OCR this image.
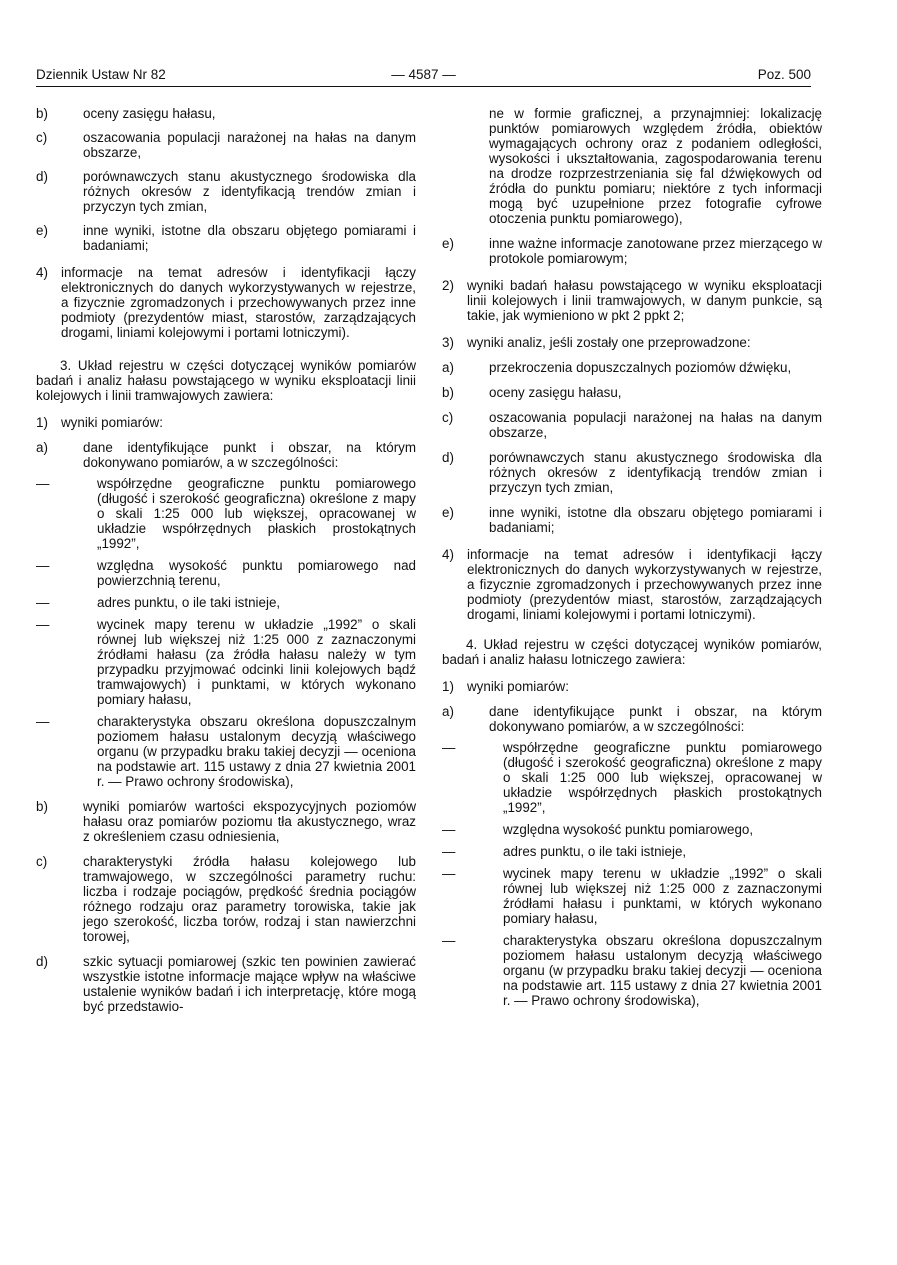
Dziennik Ustaw Nr 82	— 4587 —	Poz. 500

b)	oceny zasięgu hałasu,

c)	oszacowania populacji narażonej na hałas na danym obszarze,

d)	porównawczych stanu akustycznego środowiska dla różnych okresów z identyfikacją trendów zmian i przyczyn tych zmian,

e)	inne wyniki, istotne dla obszaru objętego pomiarami i badaniami;

4) informacje na temat adresów i identyfikacji łączy elektronicznych do danych wykorzystywanych w rejestrze, a fizycznie zgromadzonych i przechowywanych przez inne podmioty (prezydentów miast, starostów, zarządzających drogami, liniami kolejowymi i portami lotniczymi).

3. Układ rejestru w części dotyczącej wyników pomiarów badań i analiz hałasu powstającego w wyniku eksploatacji linii kolejowych i linii tramwajowych zawiera:

1) wyniki pomiarów:

a)	dane identyfikujące punkt i obszar, na którym dokonywano pomiarów, a w szczególności:

—	współrzędne geograficzne punktu pomiarowego (długość i szerokość geograficzna) określone z mapy o skali 1:25 000 lub większej, opracowanej w układzie współrzędnych płaskich prostokątnych „1992”,

—	względna wysokość punktu pomiarowego nad powierzchnią terenu,

—	adres punktu, o ile taki istnieje,

—	wycinek mapy terenu w układzie „1992” o skali równej lub większej niż 1:25 000 z zaznaczonymi źródłami hałasu (za źródła hałasu należy w tym przypadku przyjmować odcinki linii kolejowych bądź tramwajowych) i punktami, w których wykonano pomiary hałasu,

—	charakterystyka obszaru określona dopuszczalnym poziomem hałasu ustalonym decyzją właściwego organu (w przypadku braku takiej decyzji — oceniona na podstawie art. 115 ustawy z dnia 27 kwietnia 2001 r. — Prawo ochrony środowiska),

b)	wyniki pomiarów wartości ekspozycyjnych poziomów hałasu oraz pomiarów poziomu tła akustycznego, wraz z określeniem czasu odniesienia,

c)	charakterystyki źródła hałasu kolejowego lub tramwajowego, w szczególności parametry ruchu: liczba i rodzaje pociągów, prędkość średnia pociągów różnego rodzaju oraz parametry torowiska, takie jak jego szerokość, liczba torów, rodzaj i stan nawierzchni torowej,

d)	szkic sytuacji pomiarowej (szkic ten powinien zawierać wszystkie istotne informacje mające wpływ na właściwe ustalenie wyników badań i ich interpretację, które mogą być przedstawio-

ne w formie graficznej, a przynajmniej: lokalizację punktów pomiarowych względem źródła, obiektów wymagających ochrony oraz z podaniem odległości, wysokości i ukształtowania, zagospodarowania terenu na drodze rozprzestrzeniania się fal dźwiękowych od źródła do punktu pomiaru; niektóre z tych informacji mogą być uzupełnione przez fotografie cyfrowe otoczenia punktu pomiarowego),

e)	inne ważne informacje zanotowane przez mierzącego w protokole pomiarowym;

2) wyniki badań hałasu powstającego w wyniku eksploatacji linii kolejowych i linii tramwajowych, w danym punkcie, są takie, jak wymieniono w pkt 2 ppkt 2;

3) wyniki analiz, jeśli zostały one przeprowadzone:

a)	przekroczenia dopuszczalnych poziomów dźwięku,

b)	oceny zasięgu hałasu,

c)	oszacowania populacji narażonej na hałas na danym obszarze,

d)	porównawczych stanu akustycznego środowiska dla różnych okresów z identyfikacją trendów zmian i przyczyn tych zmian,

e)	inne wyniki, istotne dla obszaru objętego pomiarami i badaniami;

4) informacje na temat adresów i identyfikacji łączy elektronicznych do danych wykorzystywanych w rejestrze, a fizycznie zgromadzonych i przechowywanych przez inne podmioty (prezydentów miast, starostów, zarządzających drogami, liniami kolejowymi i portami lotniczymi).

4. Układ rejestru w części dotyczącej wyników pomiarów, badań i analiz hałasu lotniczego zawiera:

1) wyniki pomiarów:

a)	dane identyfikujące punkt i obszar, na którym dokonywano pomiarów, a w szczególności:

—	współrzędne geograficzne punktu pomiarowego (długość i szerokość geograficzna) określone z mapy o skali 1:25 000 lub większej, opracowanej w układzie współrzędnych płaskich prostokątnych „1992”,

—	względna wysokość punktu pomiarowego,

—	adres punktu, o ile taki istnieje,

—	wycinek mapy terenu w układzie „1992” o skali równej lub większej niż 1:25 000 z zaznaczonymi źródłami hałasu i punktami, w których wykonano pomiary hałasu,

—	charakterystyka obszaru określona dopuszczalnym poziomem hałasu ustalonym decyzją właściwego organu (w przypadku braku takiej decyzji — oceniona na podstawie art. 115 ustawy z dnia 27 kwietnia 2001 r. — Prawo ochrony środowiska),
